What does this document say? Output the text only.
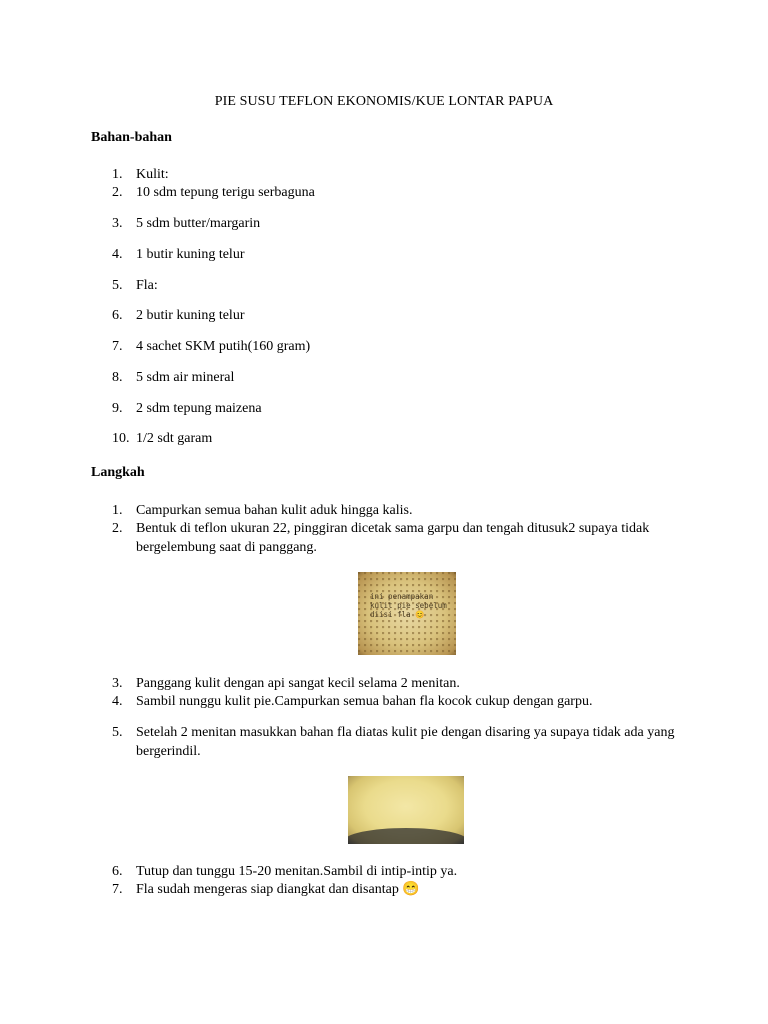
PIE SUSU TEFLON EKONOMIS/KUE LONTAR PAPUA
Bahan-bahan
1. Kulit:
2. 10 sdm tepung terigu serbaguna
3. 5 sdm butter/margarin
4. 1 butir kuning telur
5. Fla:
6. 2 butir kuning telur
7. 4 sachet SKM putih(160 gram)
8. 5 sdm air mineral
9. 2 sdm tepung maizena
10. 1/2 sdt garam
Langkah
1. Campurkan semua bahan kulit aduk hingga kalis.
2. Bentuk di teflon ukuran 22, pinggiran dicetak sama garpu dan tengah ditusuk2 supaya tidak bergelembung saat di panggang.
ini penampakan
kulit pie sebelum
diisi fla 😊
3. Panggang kulit dengan api sangat kecil selama 2 menitan.
4. Sambil nunggu kulit pie.Campurkan semua bahan fla kocok cukup dengan garpu.
5. Setelah 2 menitan masukkan bahan fla diatas kulit pie dengan disaring ya supaya tidak ada yang bergerindil.
6. Tutup dan tunggu 15-20 menitan.Sambil di intip-intip ya.
7. Fla sudah mengeras siap diangkat dan disantap 😁
